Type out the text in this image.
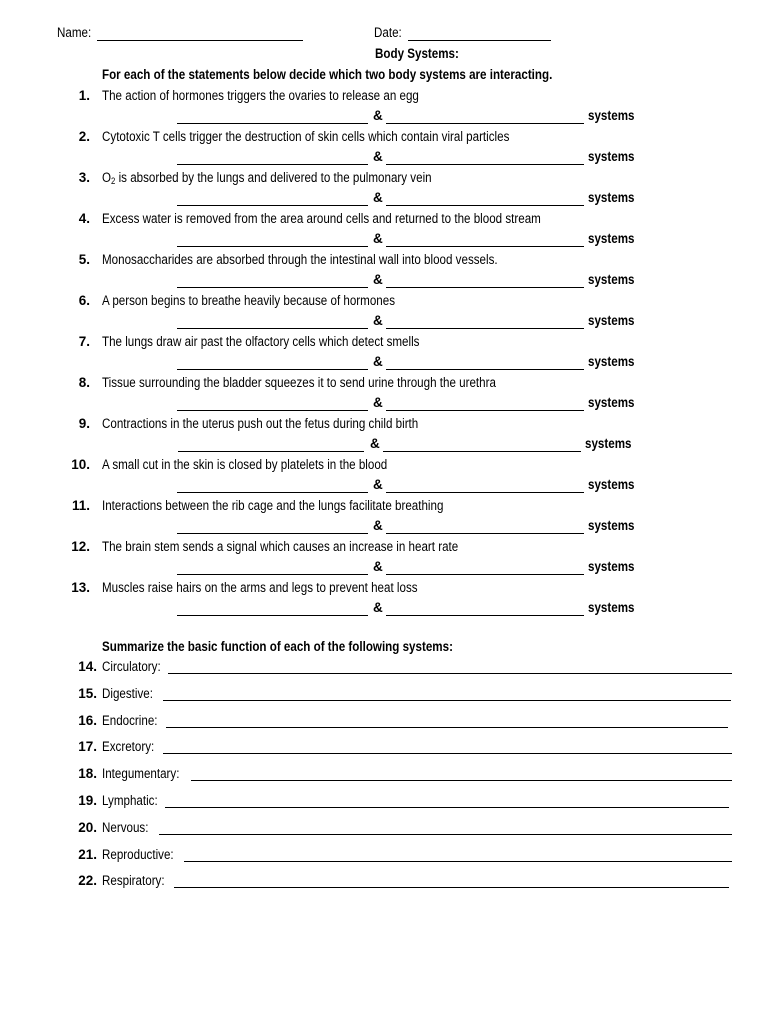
Name:	Date:
Body Systems:
For each of the statements below decide which two body systems are interacting.
1. The action of hormones triggers the ovaries to release an egg
&	systems
2. Cytotoxic T cells trigger the destruction of skin cells which contain viral particles
&	systems
3. $O_2$ is absorbed by the lungs and delivered to the pulmonary vein
&	systems
4. Excess water is removed from the area around cells and returned to the blood stream
&	systems
5. Monosaccharides are absorbed through the intestinal wall into blood vessels.
&	systems
6. A person begins to breathe heavily because of hormones
&	systems
7. The lungs draw air past the olfactory cells which detect smells
&	systems
8. Tissue surrounding the bladder squeezes it to send urine through the urethra
&	systems
9. Contractions in the uterus push out the fetus during child birth
&	systems
10. A small cut in the skin is closed by platelets in the blood
&	systems
11. Interactions between the rib cage and the lungs facilitate breathing
&	systems
12. The brain stem sends a signal which causes an increase in heart rate
&	systems
13. Muscles raise hairs on the arms and legs to prevent heat loss
&	systems
Summarize the basic function of each of the following systems:
14. Circulatory:
15. Digestive:
16. Endocrine:
17. Excretory:
18. Integumentary:
19. Lymphatic:
20. Nervous:
21. Reproductive:
22. Respiratory:
